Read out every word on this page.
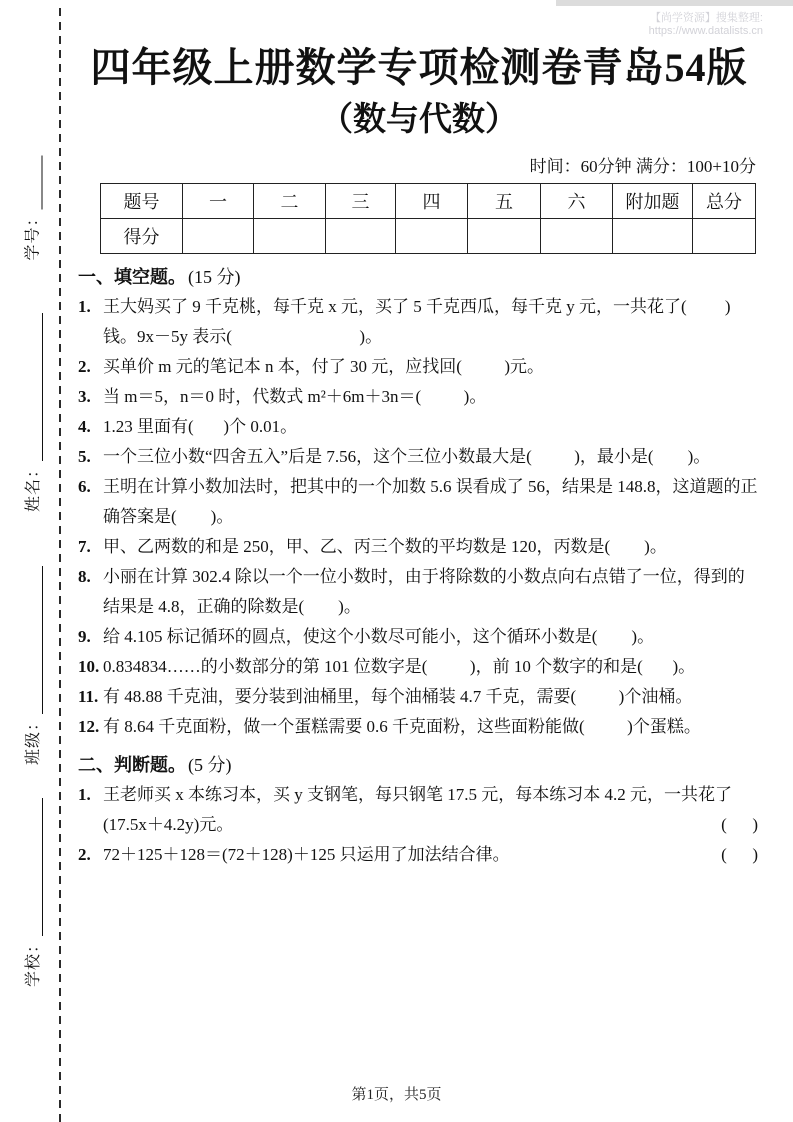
【尚学资源】搜集整理:
https://www.datalists.cn
学号：
姓名：
班级：
学校：
四年级上册数学专项检测卷青岛54版
（数与代数）
时间：60分钟 满分：100+10分
题号	一	二	三	四	五	六	附加题	总分
得分								
一、填空题。 (15 分)
1. 王大妈买了 9 千克桃，每千克 x 元，买了 5 千克西瓜，每千克 y 元，一共花了(         )钱。9x－5y 表示(                              )。
2. 买单价 m 元的笔记本 n 本，付了 30 元，应找回(          )元。
3. 当 m＝5，n＝0 时，代数式 m²＋6m＋3n＝(          )。
4. 1.23 里面有(       )个 0.01。
5. 一个三位小数“四舍五入”后是 7.56，这个三位小数最大是(          )，最小是(        )。
6. 王明在计算小数加法时，把其中的一个加数 5.6 误看成了 56，结果是 148.8，这道题的正确答案是(        )。
7. 甲、乙两数的和是 250，甲、乙、丙三个数的平均数是 120，丙数是(        )。
8. 小丽在计算 302.4 除以一个一位小数时，由于将除数的小数点向右点错了一位，得到的结果是 4.8，正确的除数是(        )。
9. 给 4.105 标记循环的圆点，使这个小数尽可能小，这个循环小数是(        )。
10. 0.834834……的小数部分的第 101 位数字是(          )，前 10 个数字的和是(       )。
11. 有 48.88 千克油，要分装到油桶里，每个油桶装 4.7 千克，需要(          )个油桶。
12. 有 8.64 千克面粉，做一个蛋糕需要 0.6 千克面粉，这些面粉能做(          )个蛋糕。
二、判断题。 (5 分)
1. 王老师买 x 本练习本，买 y 支钢笔，每只钢笔 17.5 元，每本练习本 4.2 元，一共花了(17.5x＋4.2y)元。	(      )
2. 72＋125＋128＝(72＋128)＋125 只运用了加法结合律。	(      )
第1页，共5页
